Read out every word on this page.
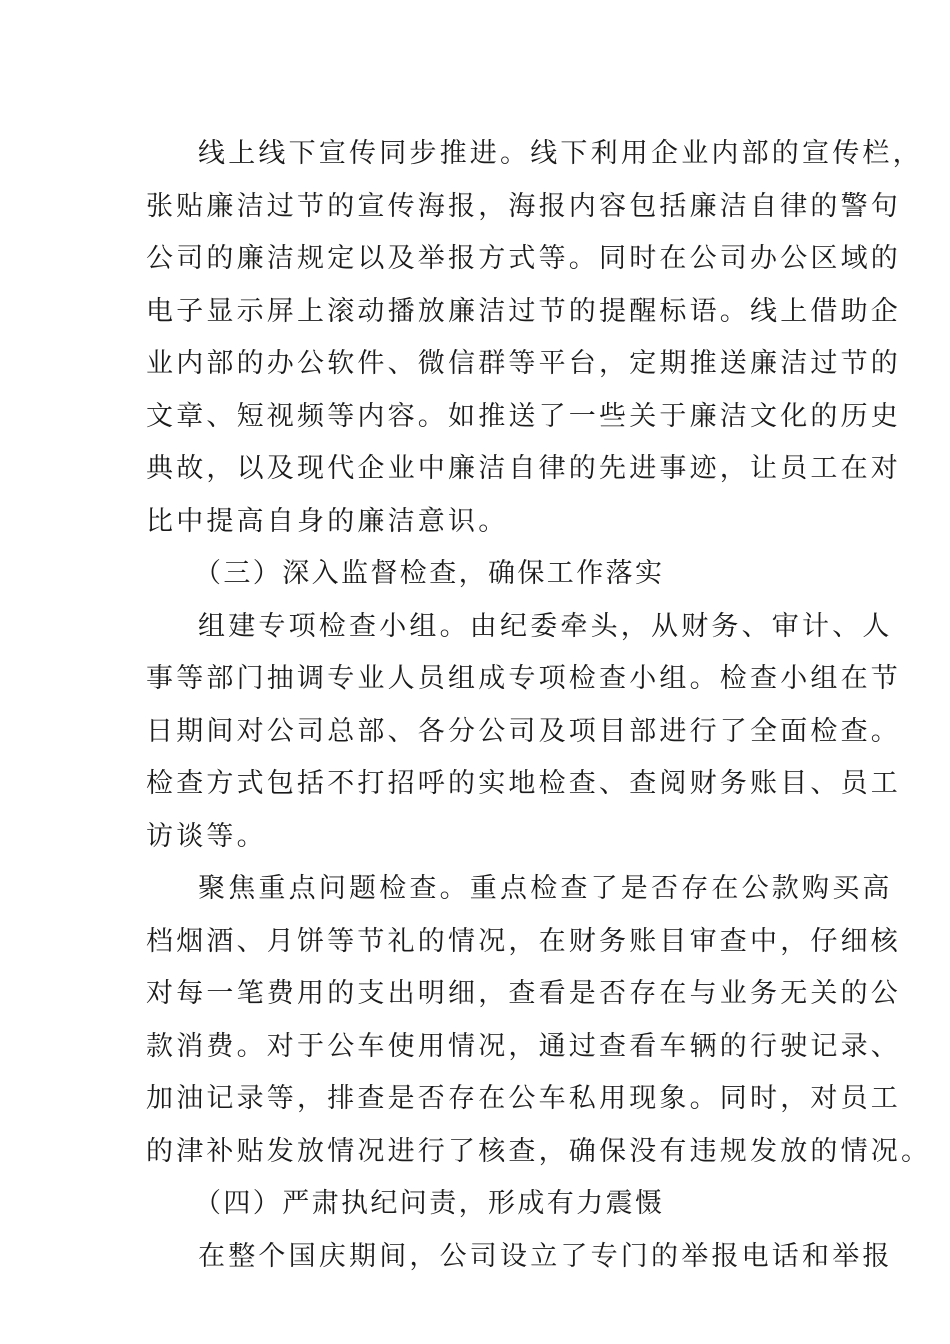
线上线下宣传同步推进。线下利用企业内部的宣传栏，
张贴廉洁过节的宣传海报，海报内容包括廉洁自律的警句
公司的廉洁规定以及举报方式等。同时在公司办公区域的
电子显示屏上滚动播放廉洁过节的提醒标语。线上借助企
业内部的办公软件、微信群等平台，定期推送廉洁过节的
文章、短视频等内容。如推送了一些关于廉洁文化的历史
典故，以及现代企业中廉洁自律的先进事迹，让员工在对
比中提高自身的廉洁意识。
（三）深入监督检查，确保工作落实
组建专项检查小组。由纪委牵头，从财务、审计、人
事等部门抽调专业人员组成专项检查小组。检查小组在节
日期间对公司总部、各分公司及项目部进行了全面检查。
检查方式包括不打招呼的实地检查、查阅财务账目、员工
访谈等。
聚焦重点问题检查。重点检查了是否存在公款购买高
档烟酒、月饼等节礼的情况，在财务账目审查中，仔细核
对每一笔费用的支出明细，查看是否存在与业务无关的公
款消费。对于公车使用情况，通过查看车辆的行驶记录、
加油记录等，排查是否存在公车私用现象。同时，对员工
的津补贴发放情况进行了核查，确保没有违规发放的情况。
（四）严肃执纪问责，形成有力震慑
在整个国庆期间，公司设立了专门的举报电话和举报
